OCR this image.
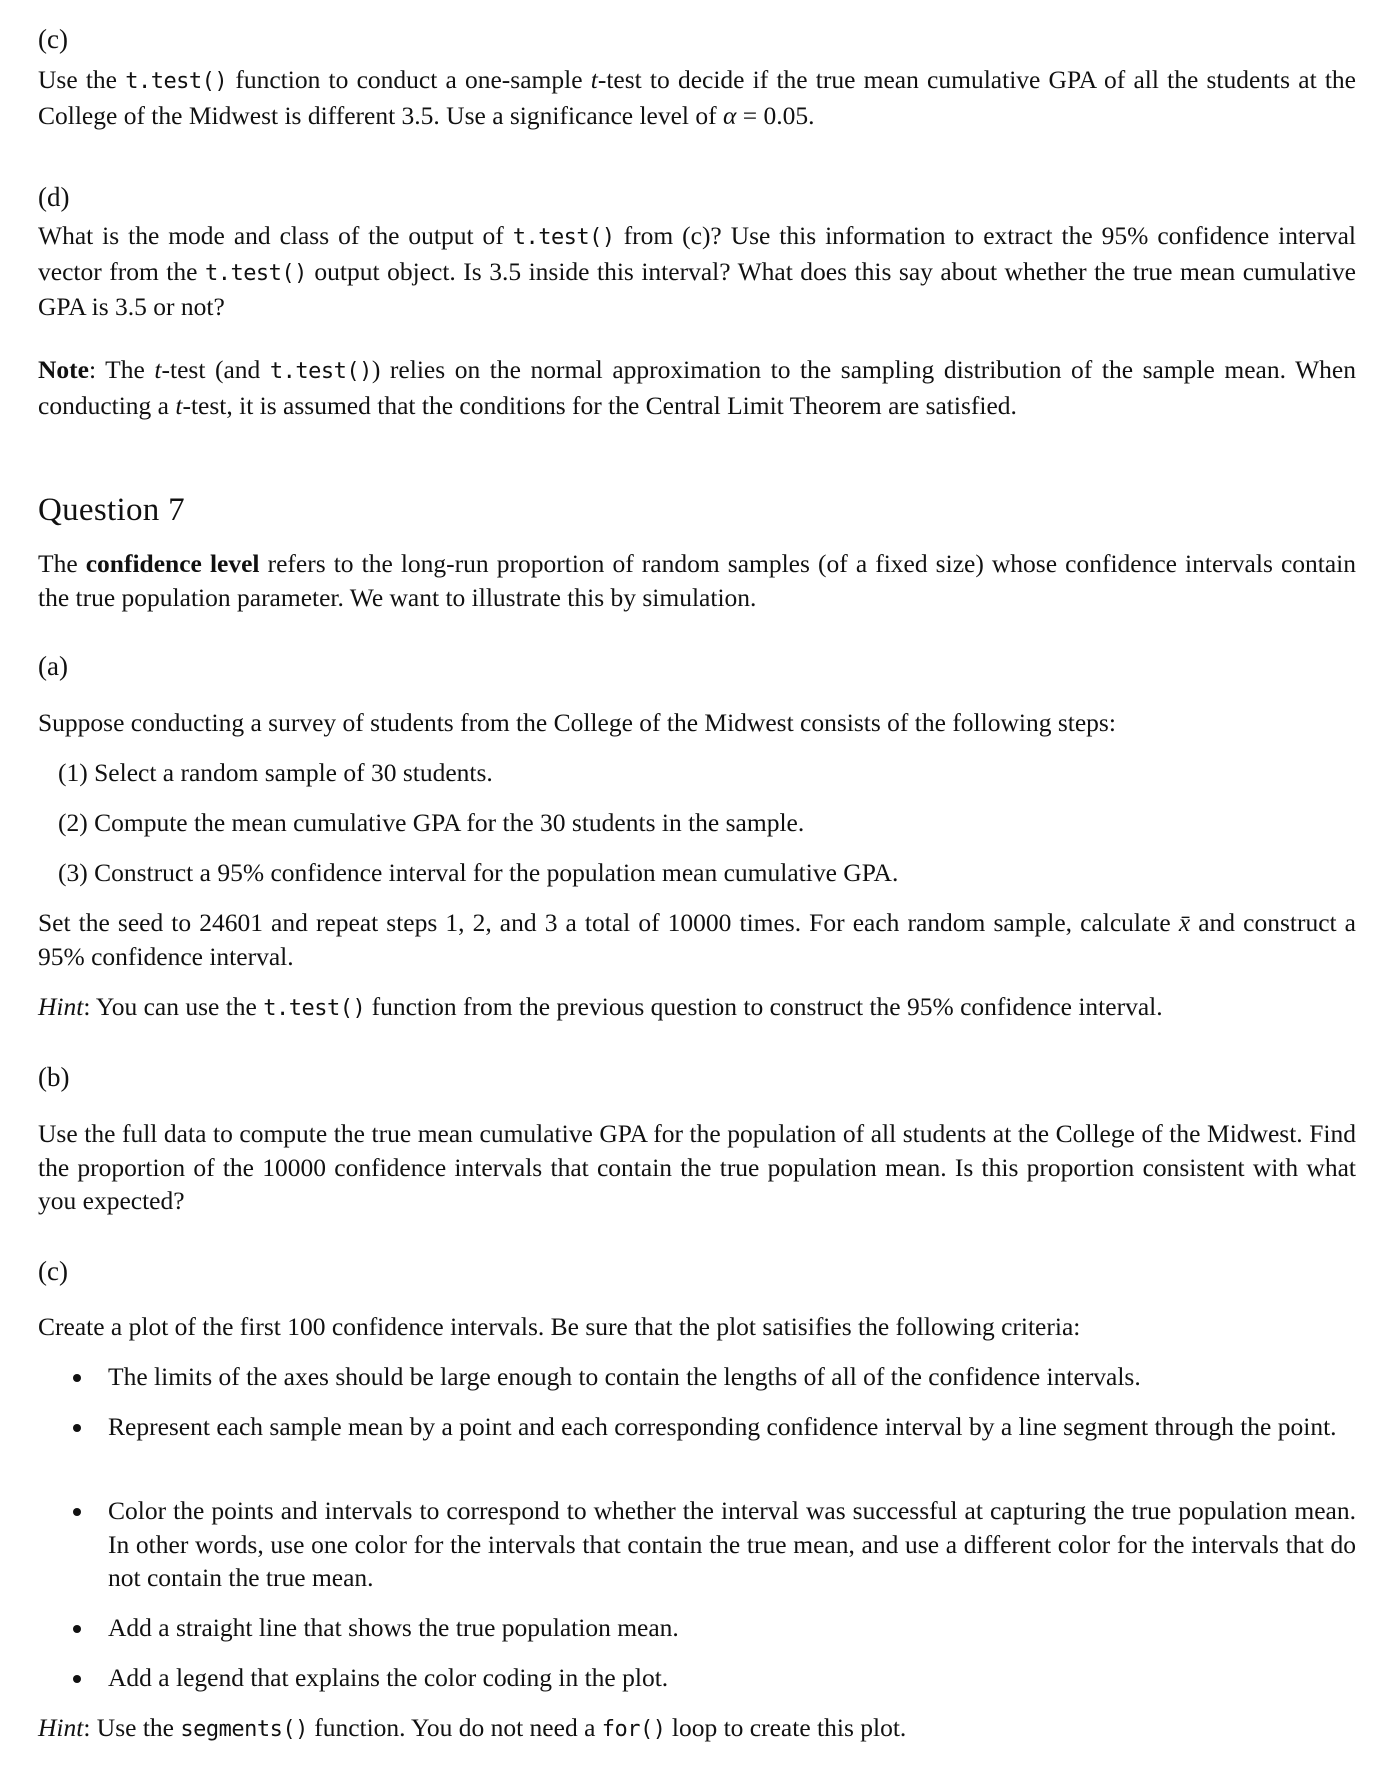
(c)

Use the t.test() function to conduct a one-sample t-test to decide if the true mean cumulative GPA of all the students at the College of the Midwest is different 3.5. Use a significance level of α = 0.05.

(d)

What is the mode and class of the output of t.test() from (c)? Use this information to extract the 95% confidence interval vector from the t.test() output object. Is 3.5 inside this interval? What does this say about whether the true mean cumulative GPA is 3.5 or not?

Note: The t-test (and t.test()) relies on the normal approximation to the sampling distribution of the sample mean. When conducting a t-test, it is assumed that the conditions for the Central Limit Theorem are satisfied.

Question 7

The confidence level refers to the long-run proportion of random samples (of a fixed size) whose confidence intervals contain the true population parameter. We want to illustrate this by simulation.

(a)

Suppose conducting a survey of students from the College of the Midwest consists of the following steps:

(1) Select a random sample of 30 students.
(2) Compute the mean cumulative GPA for the 30 students in the sample.
(3) Construct a 95% confidence interval for the population mean cumulative GPA.

Set the seed to 24601 and repeat steps 1, 2, and 3 a total of 10000 times. For each random sample, calculate x̄ and construct a 95% confidence interval.

Hint: You can use the t.test() function from the previous question to construct the 95% confidence interval.

(b)

Use the full data to compute the true mean cumulative GPA for the population of all students at the College of the Midwest. Find the proportion of the 10000 confidence intervals that contain the true population mean. Is this proportion consistent with what you expected?

(c)

Create a plot of the first 100 confidence intervals. Be sure that the plot satisifies the following criteria:

The limits of the axes should be large enough to contain the lengths of all of the confidence intervals.
Represent each sample mean by a point and each corresponding confidence interval by a line segment through the point.
Color the points and intervals to correspond to whether the interval was successful at capturing the true population mean. In other words, use one color for the intervals that contain the true mean, and use a different color for the intervals that do not contain the true mean.
Add a straight line that shows the true population mean.
Add a legend that explains the color coding in the plot.

Hint: Use the segments() function. You do not need a for() loop to create this plot.
